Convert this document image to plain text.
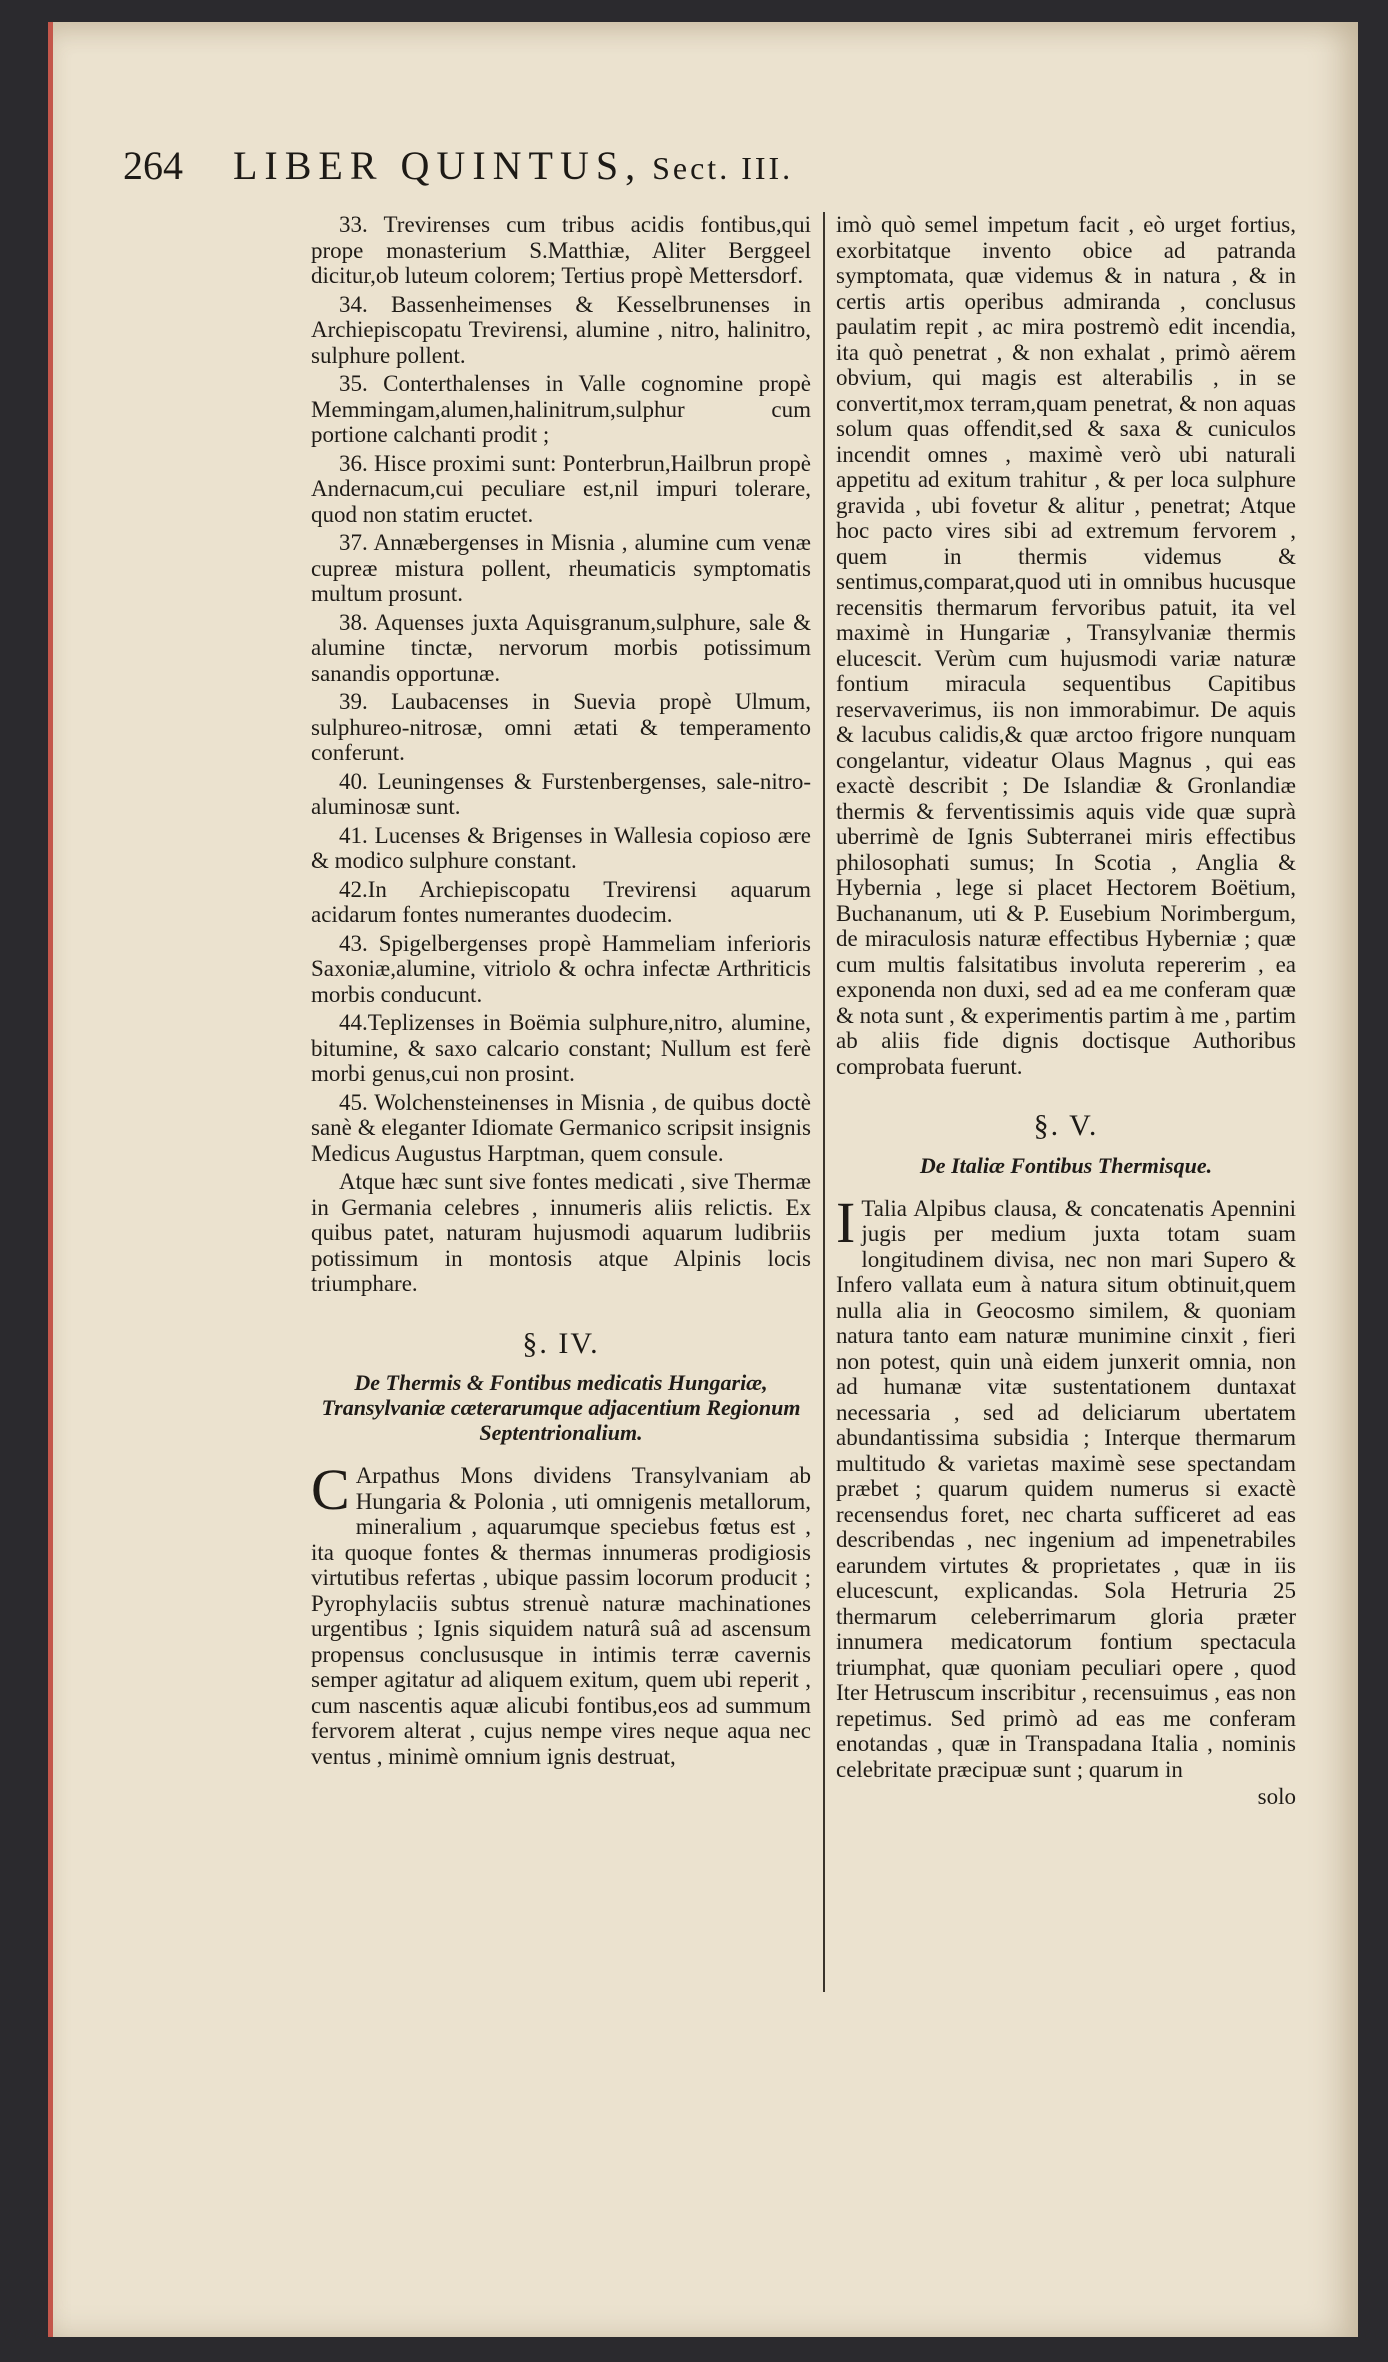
264 LIBER QUINTUS, Sect. III.

33. Trevirenses cum tribus acidis fontibus,qui prope monasterium S.Matthiæ, Aliter Berggeel dicitur,ob luteum colorem; Tertius propè Mettersdorf.

34. Bassenheimenses & Kesselbrunenses in Archiepiscopatu Trevirensi, alumine , nitro, halinitro, sulphure pollent.

35. Conterthalenses in Valle cognomine propè Memmingam,alumen,halinitrum,sulphur cum portione calchanti prodit ;

36. Hisce proximi sunt: Ponterbrun,Hailbrun propè Andernacum,cui peculiare est,nil impuri tolerare, quod non statim eructet.

37. Annæbergenses in Misnia , alumine cum venæ cupreæ mistura pollent, rheumaticis symptomatis multum prosunt.

38. Aquenses juxta Aquisgranum,sulphure, sale & alumine tinctæ, nervorum morbis potissimum sanandis opportunæ.

39. Laubacenses in Suevia propè Ulmum, sulphureo-nitrosæ, omni ætati & temperamento conferunt.

40. Leuningenses & Furstenbergenses, sale-nitro-aluminosæ sunt.

41. Lucenses & Brigenses in Wallesia copioso ære & modico sulphure constant.

42.In Archiepiscopatu Trevirensi aquarum acidarum fontes numerantes duodecim.

43. Spigelbergenses propè Hammeliam inferioris Saxoniæ,alumine, vitriolo & ochra infectæ Arthriticis morbis conducunt.

44.Teplizenses in Boëmia sulphure,nitro, alumine, bitumine, & saxo calcario constant; Nullum est ferè morbi genus,cui non prosint.

45. Wolchensteinenses in Misnia , de quibus doctè sanè & eleganter Idiomate Germanico scripsit insignis Medicus Augustus Harptman, quem consule.

Atque hæc sunt sive fontes medicati , sive Thermæ in Germania celebres , innumeris aliis relictis. Ex quibus patet, naturam hujusmodi aquarum ludibriis potissimum in montosis atque Alpinis locis triumphare.

§. IV.
De Thermis & Fontibus medicatis Hungariæ, Transylvaniæ cæterarumque adjacentium Regionum Septentrionalium.

C Arpathus Mons dividens Transylvaniam ab Hungaria & Polonia , uti omnigenis metallorum, mineralium , aquarumque speciebus fœtus est , ita quoque fontes & thermas innumeras prodigiosis virtutibus refertas , ubique passim locorum producit ; Pyrophylaciis subtus strenuè naturæ machinationes urgentibus ; Ignis siquidem naturâ suâ ad ascensum propensus conclususque in intimis terræ cavernis semper agitatur ad aliquem exitum, quem ubi reperit , cum nascentis aquæ alicubi fontibus,eos ad summum fervorem alterat , cujus nempe vires neque aqua nec ventus , minimè omnium ignis destruat,

imò quò semel impetum facit , eò urget fortius, exorbitatque invento obice ad patranda symptomata, quæ videmus & in natura , & in certis artis operibus admiranda , conclusus paulatim repit , ac mira postremò edit incendia, ita quò penetrat , & non exhalat , primò aërem obvium, qui magis est alterabilis , in se convertit,mox terram,quam penetrat, & non aquas solum quas offendit,sed & saxa & cuniculos incendit omnes , maximè verò ubi naturali appetitu ad exitum trahitur , & per loca sulphure gravida , ubi fovetur & alitur , penetrat; Atque hoc pacto vires sibi ad extremum fervorem , quem in thermis videmus & sentimus,comparat,quod uti in omnibus hucusque recensitis thermarum fervoribus patuit, ita vel maximè in Hungariæ , Transylvaniæ thermis elucescit. Verùm cum hujusmodi variæ naturæ fontium miracula sequentibus Capitibus reservaverimus, iis non immorabimur. De aquis & lacubus calidis,& quæ arctoo frigore nunquam congelantur, videatur Olaus Magnus , qui eas exactè describit ; De Islandiæ & Gronlandiæ thermis & ferventissimis aquis vide quæ suprà uberrimè de Ignis Subterranei miris effectibus philosophati sumus; In Scotia , Anglia & Hybernia , lege si placet Hectorem Boëtium, Buchananum, uti & P. Eusebium Norimbergum, de miraculosis naturæ effectibus Hyberniæ ; quæ cum multis falsitatibus involuta repererim , ea exponenda non duxi, sed ad ea me conferam quæ & nota sunt , & experimentis partim à me , partim ab aliis fide dignis doctisque Authoribus comprobata fuerunt.

§. V.
De Italiæ Fontibus Thermisque.

I Talia Alpibus clausa, & concatenatis Apennini jugis per medium juxta totam suam longitudinem divisa, nec non mari Supero & Infero vallata eum à natura situm obtinuit,quem nulla alia in Geocosmo similem, & quoniam natura tanto eam naturæ munimine cinxit , fieri non potest, quin unà eidem junxerit omnia, non ad humanæ vitæ sustentationem duntaxat necessaria , sed ad deliciarum ubertatem abundantissima subsidia ; Interque thermarum multitudo & varietas maximè sese spectandam præbet ; quarum quidem numerus si exactè recensendus foret, nec charta sufficeret ad eas describendas , nec ingenium ad impenetrabiles earundem virtutes & proprietates , quæ in iis elucescunt, explicandas. Sola Hetruria 25 thermarum celeberrimarum gloria præter innumera medicatorum fontium spectacula triumphat, quæ quoniam peculiari opere , quod Iter Hetruscum inscribitur , recensuimus , eas non repetimus. Sed primò ad eas me conferam enotandas , quæ in Transpadana Italia , nominis celebritate præcipuæ sunt ; quarum in

solo
